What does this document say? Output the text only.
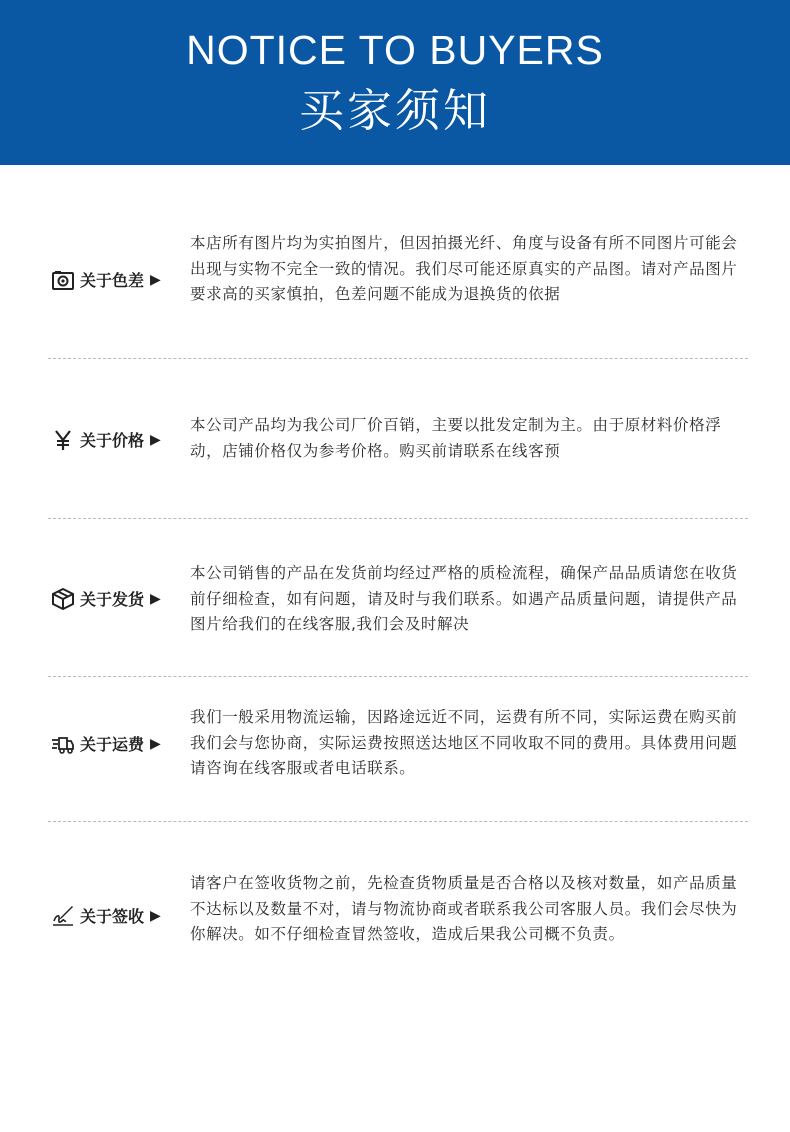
NOTICE TO BUYERS
买家须知
关于色差 ▶
本店所有图片均为实拍图片，但因拍摄光纤、角度与设备有所不同图片可能会出现与实物不完全一致的情况。我们尽可能还原真实的产品图。请对产品图片要求高的买家慎拍，色差问题不能成为退换货的依据
关于价格 ▶
本公司产品均为我公司厂价百销，主要以批发定制为主。由于原材料价格浮动，店铺价格仅为参考价格。购买前请联系在线客预
关于发货 ▶
本公司销售的产品在发货前均经过严格的质检流程，确保产品品质请您在收货前仔细检查，如有问题，请及时与我们联系。如遇产品质量问题，请提供产品图片给我们的在线客服,我们会及时解决
关于运费 ▶
我们一般采用物流运输，因路途远近不同，运费有所不同，实际运费在购买前我们会与您协商，实际运费按照送达地区不同收取不同的费用。具体费用问题请咨询在线客服或者电话联系。
关于签收 ▶
请客户在签收货物之前，先检查货物质量是否合格以及核对数量，如产品质量不达标以及数量不对，请与物流协商或者联系我公司客服人员。我们会尽快为你解决。如不仔细检查冒然签收，造成后果我公司概不负责。
